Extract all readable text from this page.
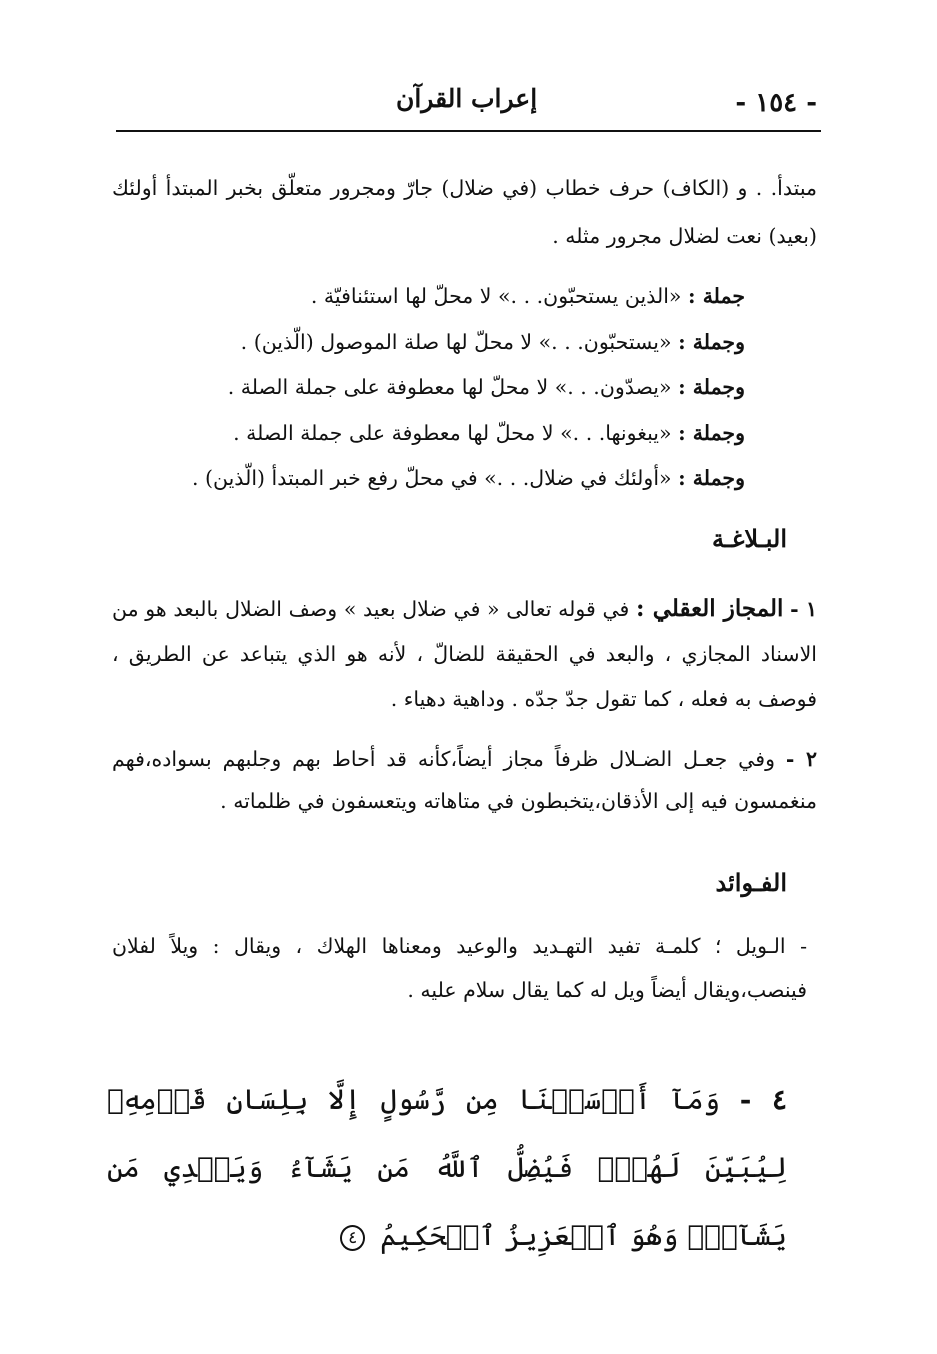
- ١٥٤ -
إعراب القرآن
مبتدأ. . و (الكاف) حرف خطاب (في ضلال) جارّ ومجرور متعلّق بخبر المبتدأ أولئك (بعيد) نعت لضلال مجرور مثله .
جملة : «الذين يستحبّون. . .» لا محلّ لها استئنافيّة .
وجملة : «يستحبّون. . .» لا محلّ لها صلة الموصول (الّذين) .
وجملة : «يصدّون. . .» لا محلّ لها معطوفة على جملة الصلة .
وجملة : «يبغونها. . .» لا محلّ لها معطوفة على جملة الصلة .
وجملة : «أولئك في ضلال. . .» في محلّ رفع خبر المبتدأ (الّذين) .
البـلاغـة
١ - المجاز العقلي : في قوله تعالى « في ضلال بعيد » وصف الضلال بالبعد هو من الاسناد المجازي ، والبعد في الحقيقة للضالّ ، لأنه هو الذي يتباعد عن الطريق ، فوصف به فعله ، كما تقول جدّ جدّه . وداهية دهياء .
٢ - وفي جعـل الضـلال ظرفاً مجاز أيضاً،كأنه قد أحاط بهم وجلبهم بسواده،فهم منغمسون فيه إلى الأذقان،يتخبطون في متاهاته ويتعسفون في ظلماته .
الفـوائد
- الـويل ؛ كلمـة تفيد التهـديد والوعيد ومعناها الهلاك ، ويقال : ويلاً لفلان فينصب،ويقال أيضاً ويل له كما يقال سلام عليه .
٤ - وَمَآ أَرۡسَلۡنَا مِن رَّسُولٍ إِلَّا بِلِسَانِ قَوۡمِهِۦ لِيُبَيِّنَ لَهُمۡۖ فَيُضِلُّ ٱللَّهُ مَن يَشَآءُ وَيَهۡدِي مَن يَشَآءُۚ وَهُوَ ٱلۡعَزِيزُ ٱلۡحَكِيمُ ٤
